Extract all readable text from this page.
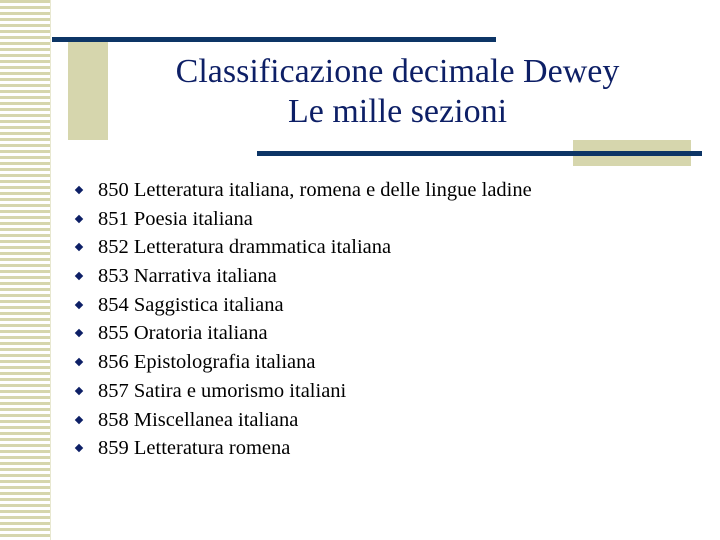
Classificazione decimale Dewey
Le mille sezioni
850 Letteratura italiana, romena e delle lingue ladine
851 Poesia italiana
852 Letteratura drammatica italiana
853 Narrativa italiana
854 Saggistica italiana
855 Oratoria italiana
856 Epistolografia italiana
857 Satira e umorismo italiani
858 Miscellanea italiana
859 Letteratura romena
